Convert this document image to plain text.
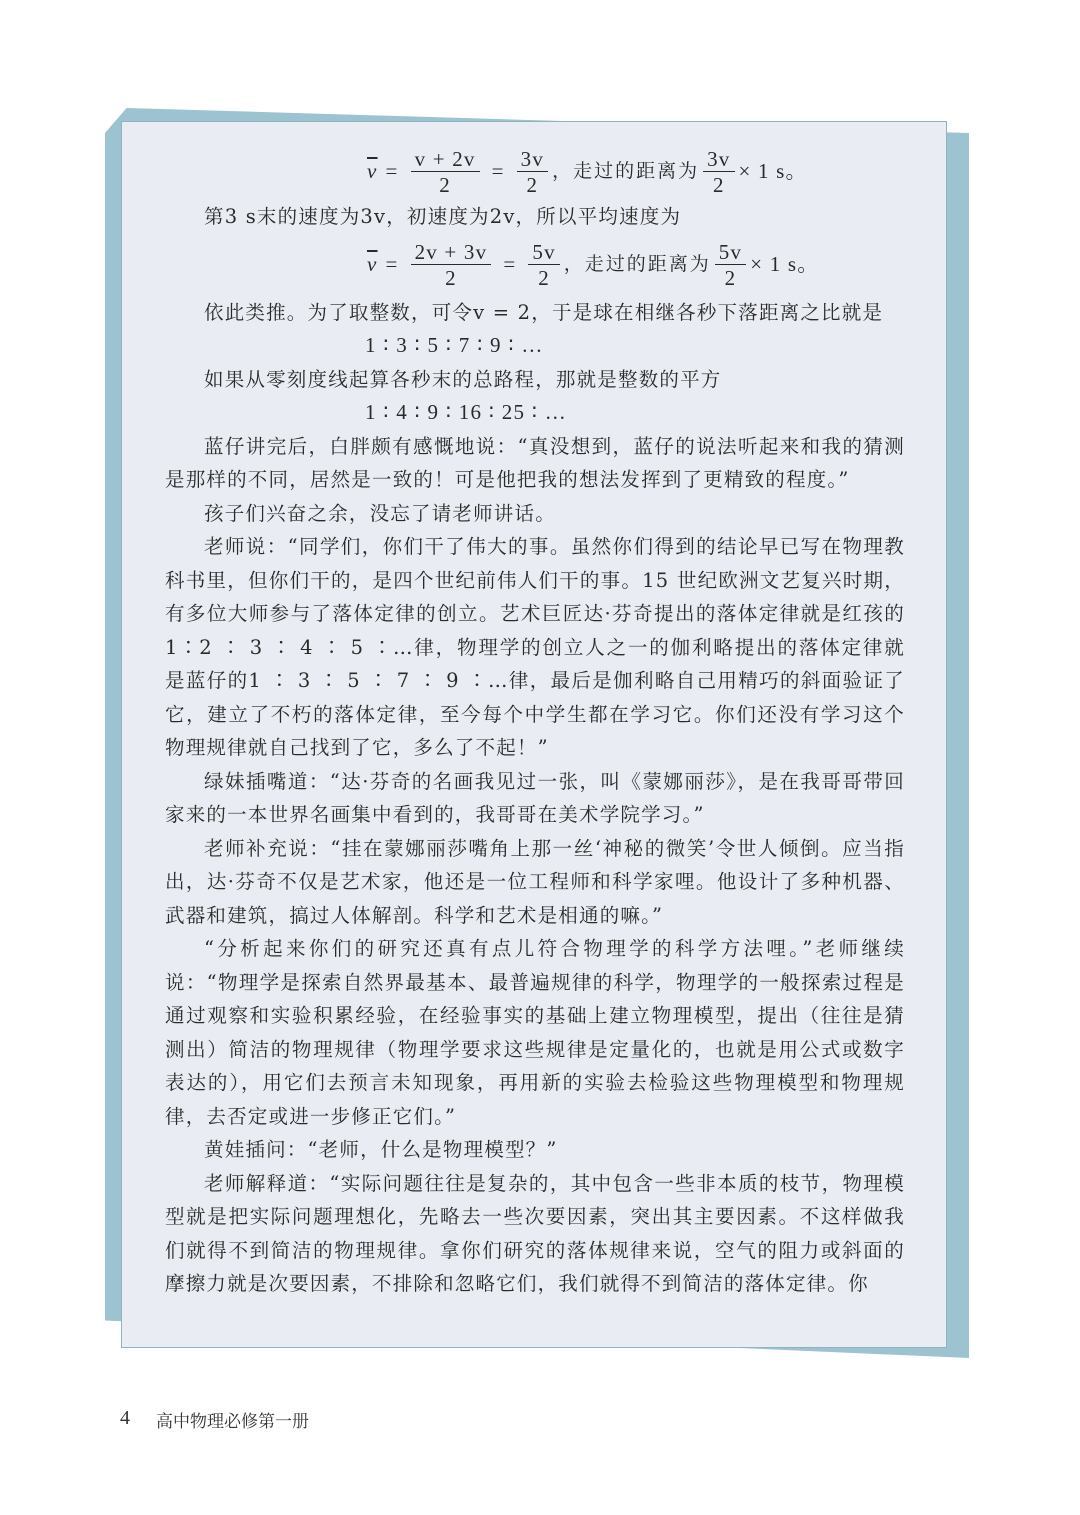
$\overline{v} = \frac{v + 2v}{2} = \frac{3v}{2}$ ，走过的距离为 $\frac{3v}{2} \times 1$ s。

第3 s末的速度为3v，初速度为2v，所以平均速度为

$\overline{v} = \frac{2v + 3v}{2} = \frac{5v}{2}$ ，走过的距离为 $\frac{5v}{2} \times 1$ s。

依此类推。为了取整数，可令v = 2，于是球在相继各秒下落距离之比就是

1 ∶ 3 ∶ 5 ∶ 7 ∶ 9 ∶ …

如果从零刻度线起算各秒末的总路程，那就是整数的平方

1 ∶ 4 ∶ 9 ∶ 16 ∶ 25 ∶ …

蓝仔讲完后，白胖颇有感慨地说：“真没想到，蓝仔的说法听起来和我的猜测是那样的不同，居然是一致的！可是他把我的想法发挥到了更精致的程度。”

孩子们兴奋之余，没忘了请老师讲话。

老师说：“同学们，你们干了伟大的事。虽然你们得到的结论早已写在物理教科书里，但你们干的，是四个世纪前伟人们干的事。15 世纪欧洲文艺复兴时期，有多位大师参与了落体定律的创立。艺术巨匠达·芬奇提出的落体定律就是红孩的1∶2 ∶ 3 ∶ 4 ∶ 5 ∶…律，物理学的创立人之一的伽利略提出的落体定律就是蓝仔的1 ∶ 3 ∶ 5 ∶ 7 ∶ 9 ∶…律，最后是伽利略自己用精巧的斜面验证了它，建立了不朽的落体定律，至今每个中学生都在学习它。你们还没有学习这个物理规律就自己找到了它，多么了不起！”

绿妹插嘴道：“达·芬奇的名画我见过一张，叫《蒙娜丽莎》，是在我哥哥带回家来的一本世界名画集中看到的，我哥哥在美术学院学习。”

老师补充说：“挂在蒙娜丽莎嘴角上那一丝‘神秘的微笑’令世人倾倒。应当指出，达·芬奇不仅是艺术家，他还是一位工程师和科学家哩。他设计了多种机器、武器和建筑，搞过人体解剖。科学和艺术是相通的嘛。”

“分析起来你们的研究还真有点儿符合物理学的科学方法哩。”老师继续说：“物理学是探索自然界最基本、最普遍规律的科学，物理学的一般探索过程是通过观察和实验积累经验，在经验事实的基础上建立物理模型，提出（往往是猜测出）简洁的物理规律（物理学要求这些规律是定量化的，也就是用公式或数字表达的），用它们去预言未知现象，再用新的实验去检验这些物理模型和物理规律，去否定或进一步修正它们。”

黄娃插问：“老师，什么是物理模型？”

老师解释道：“实际问题往往是复杂的，其中包含一些非本质的枝节，物理模型就是把实际问题理想化，先略去一些次要因素，突出其主要因素。不这样做我们就得不到简洁的物理规律。拿你们研究的落体规律来说，空气的阻力或斜面的摩擦力就是次要因素，不排除和忽略它们，我们就得不到简洁的落体定律。你

4 高中物理必修第一册
